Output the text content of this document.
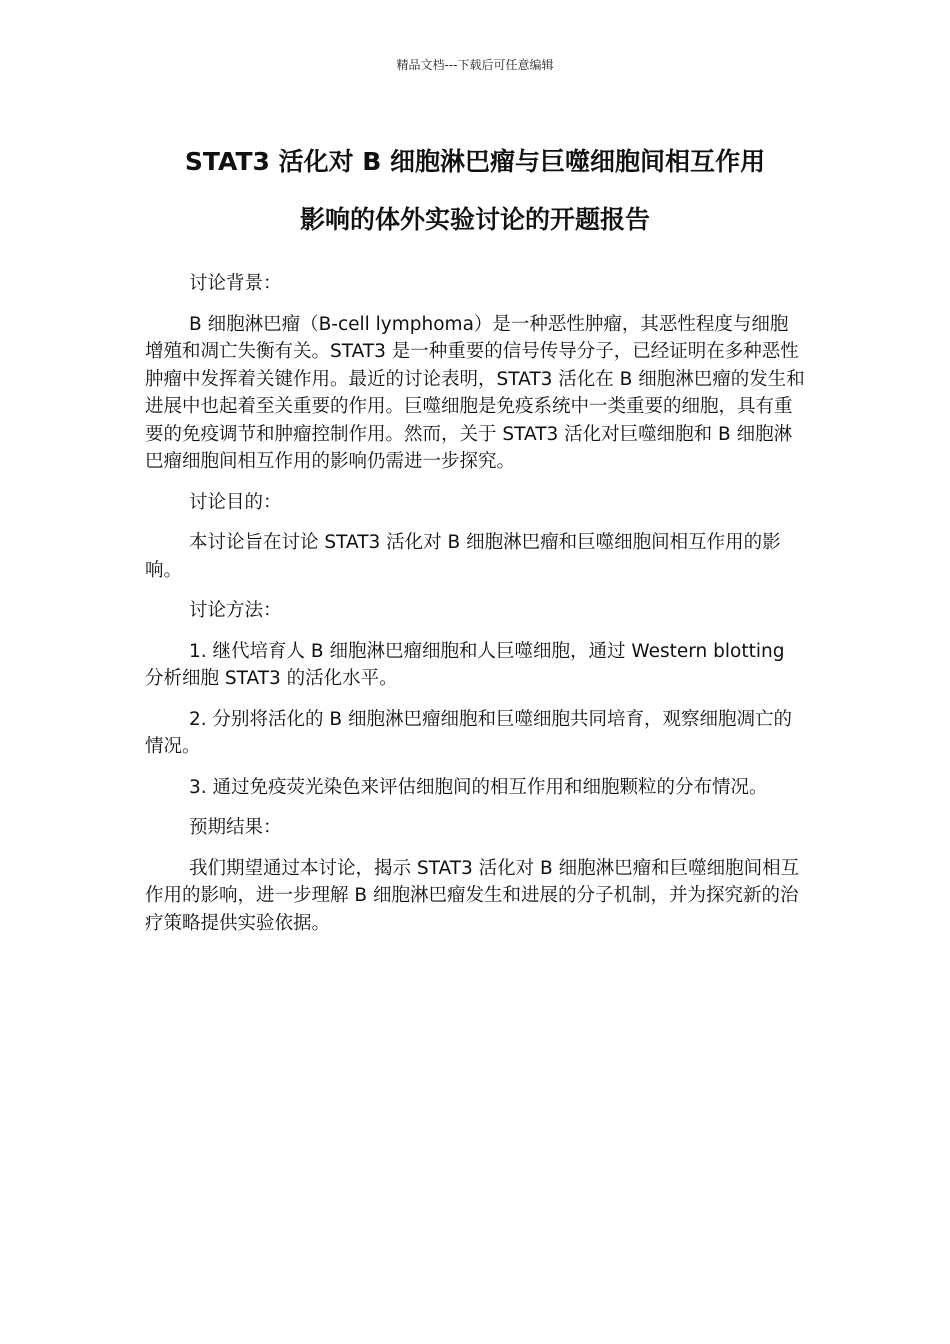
精品文档---下载后可任意编辑
STAT3 活化对 B 细胞淋巴瘤与巨噬细胞间相互作用
影响的体外实验讨论的开题报告

讨论背景：

B 细胞淋巴瘤（B-cell lymphoma）是一种恶性肿瘤，其恶性程度与细胞增殖和凋亡失衡有关。STAT3 是一种重要的信号传导分子，已经证明在多种恶性肿瘤中发挥着关键作用。最近的讨论表明，STAT3 活化在 B 细胞淋巴瘤的发生和进展中也起着至关重要的作用。巨噬细胞是免疫系统中一类重要的细胞，具有重要的免疫调节和肿瘤控制作用。然而，关于 STAT3 活化对巨噬细胞和 B 细胞淋巴瘤细胞间相互作用的影响仍需进一步探究。

讨论目的：

本讨论旨在讨论 STAT3 活化对 B 细胞淋巴瘤和巨噬细胞间相互作用的影响。

讨论方法：

1. 继代培育人 B 细胞淋巴瘤细胞和人巨噬细胞，通过 Western blotting 分析细胞 STAT3 的活化水平。

2. 分别将活化的 B 细胞淋巴瘤细胞和巨噬细胞共同培育，观察细胞凋亡的情况。

3. 通过免疫荧光染色来评估细胞间的相互作用和细胞颗粒的分布情况。

预期结果：

我们期望通过本讨论，揭示 STAT3 活化对 B 细胞淋巴瘤和巨噬细胞间相互作用的影响，进一步理解 B 细胞淋巴瘤发生和进展的分子机制，并为探究新的治疗策略提供实验依据。
